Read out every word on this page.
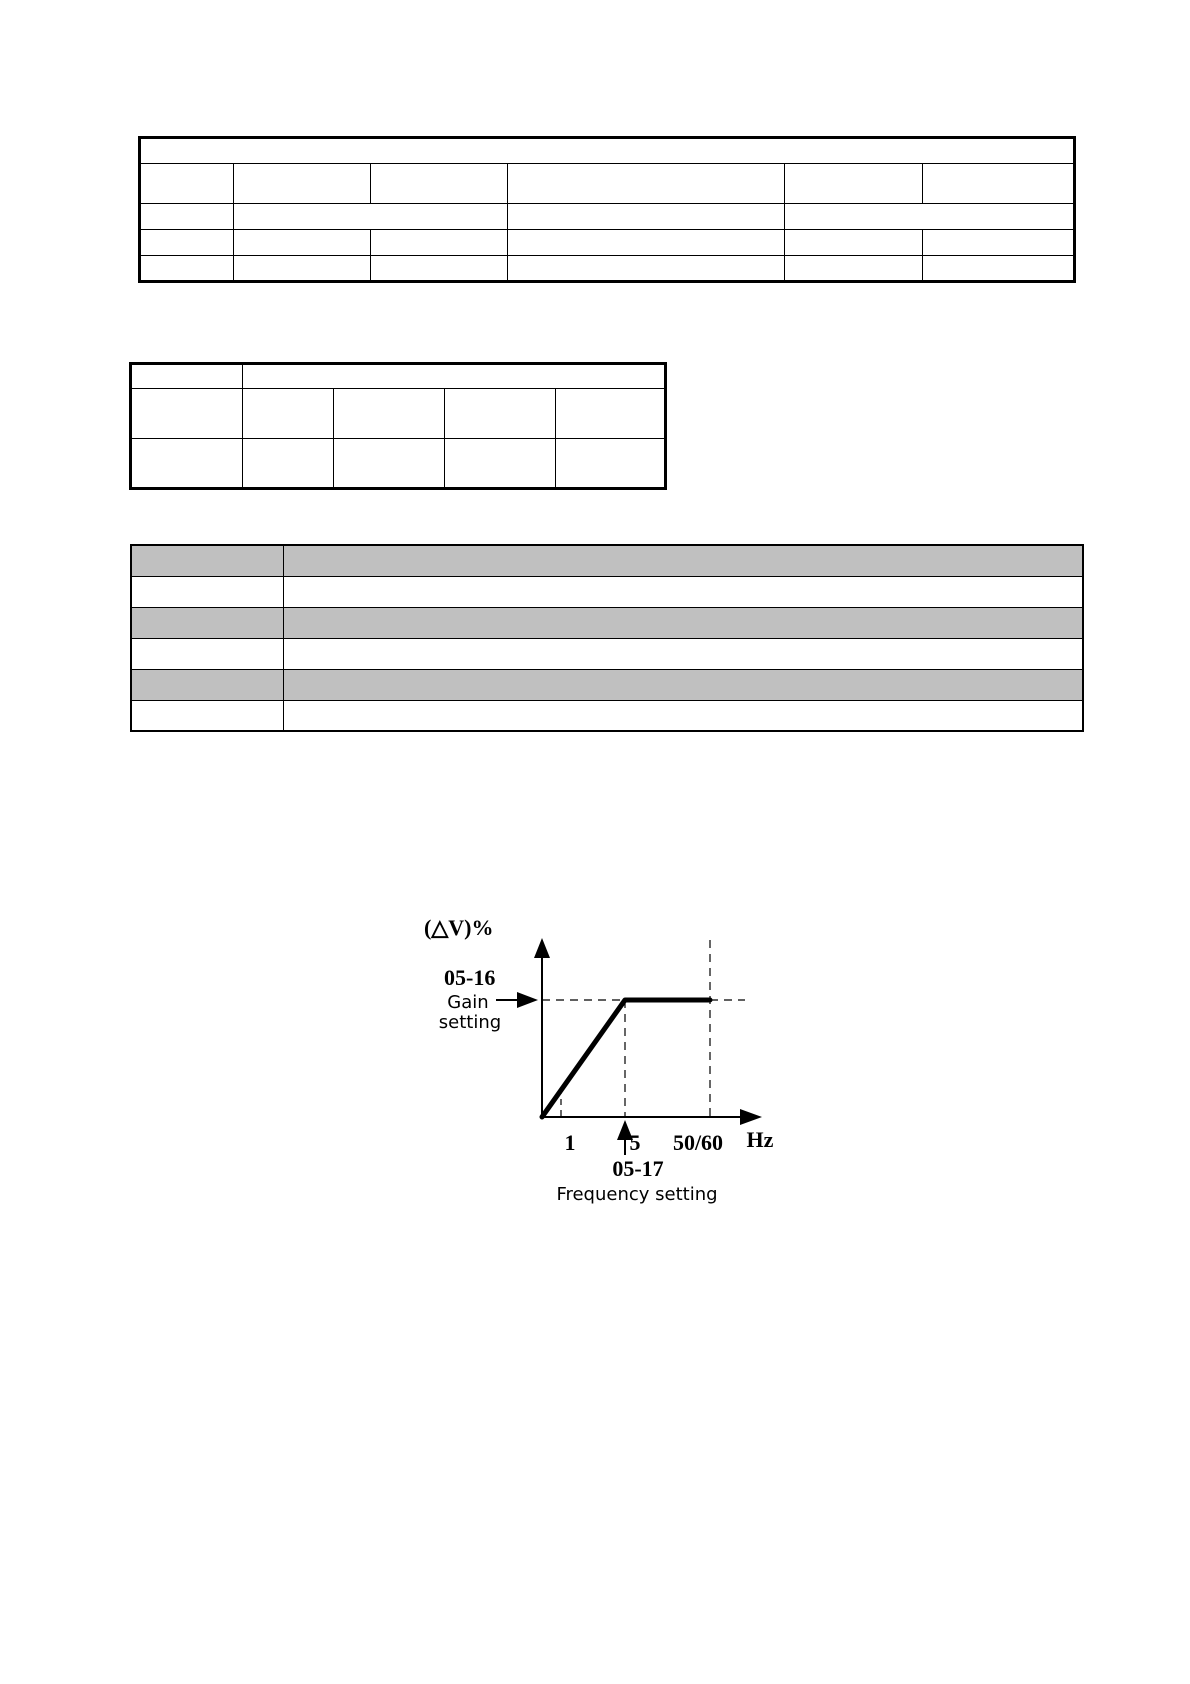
(△V)%
05-16
Gain
setting
1 5 50/60 Hz
05-17
Frequency setting
